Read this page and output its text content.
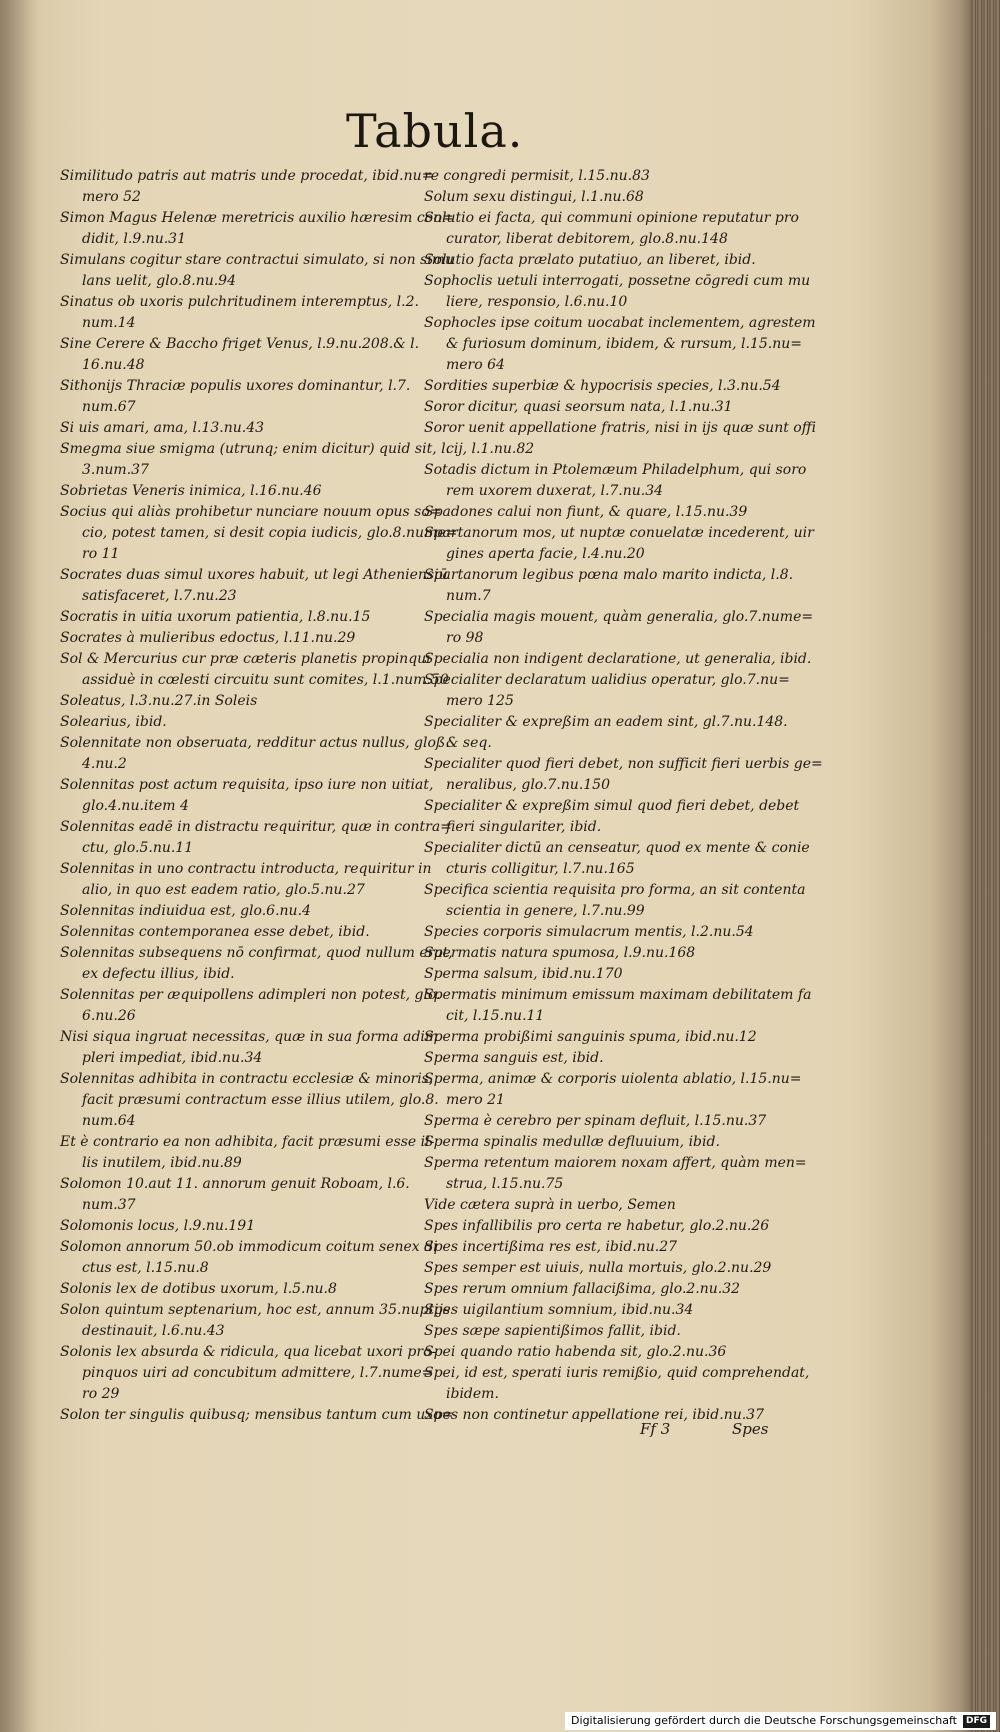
Tabula.
Similitudo patris aut matris unde procedat, ibid.nu=
mero 52
Simon Magus Helenæ meretricis auxilio hæresim con=
didit, l.9.nu.31
Simulans cogitur stare contractui simulato, si non simu
lans uelit, glo.8.nu.94
Sinatus ob uxoris pulchritudinem interemptus, l.2.
num.14
Sine Cerere & Baccho friget Venus, l.9.nu.208.& l.
16.nu.48
Sithonijs Thraciæ populis uxores dominantur, l.7.
num.67
Si uis amari, ama, l.13.nu.43
Smegma siue smigma (utrunq; enim dicitur) quid sit, l.
3.num.37
Sobrietas Veneris inimica, l.16.nu.46
Socius qui aliàs prohibetur nunciare nouum opus so=
cio, potest tamen, si desit copia iudicis, glo.8.nume=
ro 11
Socrates duas simul uxores habuit, ut legi Atheniensiū
satisfaceret, l.7.nu.23
Socratis in uitia uxorum patientia, l.8.nu.15
Socrates à mulieribus edoctus, l.11.nu.29
Sol & Mercurius cur præ cæteris planetis propinqui
assiduè in cœlesti circuitu sunt comites, l.1.num.50
Soleatus, l.3.nu.27.in Soleis
Solearius, ibid.
Solennitate non obseruata, redditur actus nullus, gloß.
4.nu.2
Solennitas post actum requisita, ipso iure non uitiat,
glo.4.nu.item 4
Solennitas eadē in distractu requiritur, quæ in contra=
ctu, glo.5.nu.11
Solennitas in uno contractu introducta, requiritur in
alio, in quo est eadem ratio, glo.5.nu.27
Solennitas indiuidua est, glo.6.nu.4
Solennitas contemporanea esse debet, ibid.
Solennitas subsequens nō confirmat, quod nullum erat,
ex defectu illius, ibid.
Solennitas per æquipollens adimpleri non potest, glo.
6.nu.26
Nisi siqua ingruat necessitas, quæ in sua forma adim
pleri impediat, ibid.nu.34
Solennitas adhibita in contractu ecclesiæ & minoris,
facit præsumi contractum esse illius utilem, glo.8.
num.64
Et è contrario ea non adhibita, facit præsumi esse il-
lis inutilem, ibid.nu.89
Solomon 10.aut 11. annorum genuit Roboam, l.6.
num.37
Solomonis locus, l.9.nu.191
Solomon annorum 50.ob immodicum coitum senex di
ctus est, l.15.nu.8
Solonis lex de dotibus uxorum, l.5.nu.8
Solon quintum septenarium, hoc est, annum 35.nuptijs
destinauit, l.6.nu.43
Solonis lex absurda & ridicula, qua licebat uxori pro-
pinquos uiri ad concubitum admittere, l.7.nume=
ro 29
Solon ter singulis quibusq; mensibus tantum cum uxo=
re congredi permisit, l.15.nu.83
Solum sexu distingui, l.1.nu.68
Solutio ei facta, qui communi opinione reputatur pro
curator, liberat debitorem, glo.8.nu.148
Solutio facta prælato putatiuo, an liberet, ibid.
Sophoclis uetuli interrogati, possetne cōgredi cum mu
liere, responsio, l.6.nu.10
Sophocles ipse coitum uocabat inclementem, agrestem
& furiosum dominum, ibidem, & rursum, l.15.nu=
mero 64
Sordities superbiæ & hypocrisis species, l.3.nu.54
Soror dicitur, quasi seorsum nata, l.1.nu.31
Soror uenit appellatione fratris, nisi in ijs quæ sunt offi
cij, l.1.nu.82
Sotadis dictum in Ptolemæum Philadelphum, qui soro
rem uxorem duxerat, l.7.nu.34
Spadones calui non fiunt, & quare, l.15.nu.39
Spartanorum mos, ut nuptæ conuelatæ incederent, uir
gines aperta facie, l.4.nu.20
Spartanorum legibus pœna malo marito indicta, l.8.
num.7
Specialia magis mouent, quàm generalia, glo.7.nume=
ro 98
Specialia non indigent declaratione, ut generalia, ibid.
Specialiter declaratum ualidius operatur, glo.7.nu=
mero 125
Specialiter & expreßim an eadem sint, gl.7.nu.148.
& seq.
Specialiter quod fieri debet, non sufficit fieri uerbis ge=
neralibus, glo.7.nu.150
Specialiter & expreßim simul quod fieri debet, debet
fieri singulariter, ibid.
Specialiter dictū an censeatur, quod ex mente & conie
cturis colligitur, l.7.nu.165
Specifica scientia requisita pro forma, an sit contenta
scientia in genere, l.7.nu.99
Species corporis simulacrum mentis, l.2.nu.54
Spermatis natura spumosa, l.9.nu.168
Sperma salsum, ibid.nu.170
Spermatis minimum emissum maximam debilitatem fa
cit, l.15.nu.11
Sperma probißimi sanguinis spuma, ibid.nu.12
Sperma sanguis est, ibid.
Sperma, animæ & corporis uiolenta ablatio, l.15.nu=
mero 21
Sperma è cerebro per spinam defluit, l.15.nu.37
Sperma spinalis medullæ defluuium, ibid.
Sperma retentum maiorem noxam affert, quàm men=
strua, l.15.nu.75
Vide cætera suprà in uerbo, Semen
Spes infallibilis pro certa re habetur, glo.2.nu.26
Spes incertißima res est, ibid.nu.27
Spes semper est uiuis, nulla mortuis, glo.2.nu.29
Spes rerum omnium fallacißima, glo.2.nu.32
Spes uigilantium somnium, ibid.nu.34
Spes sæpe sapientißimos fallit, ibid.
Spei quando ratio habenda sit, glo.2.nu.36
Spei, id est, sperati iuris remißio, quid comprehendat,
ibidem.
Spes non continetur appellatione rei, ibid.nu.37
Ff 3	Spes
Digitalisierung gefördert durch die Deutsche Forschungsgemeinschaft	DFG
